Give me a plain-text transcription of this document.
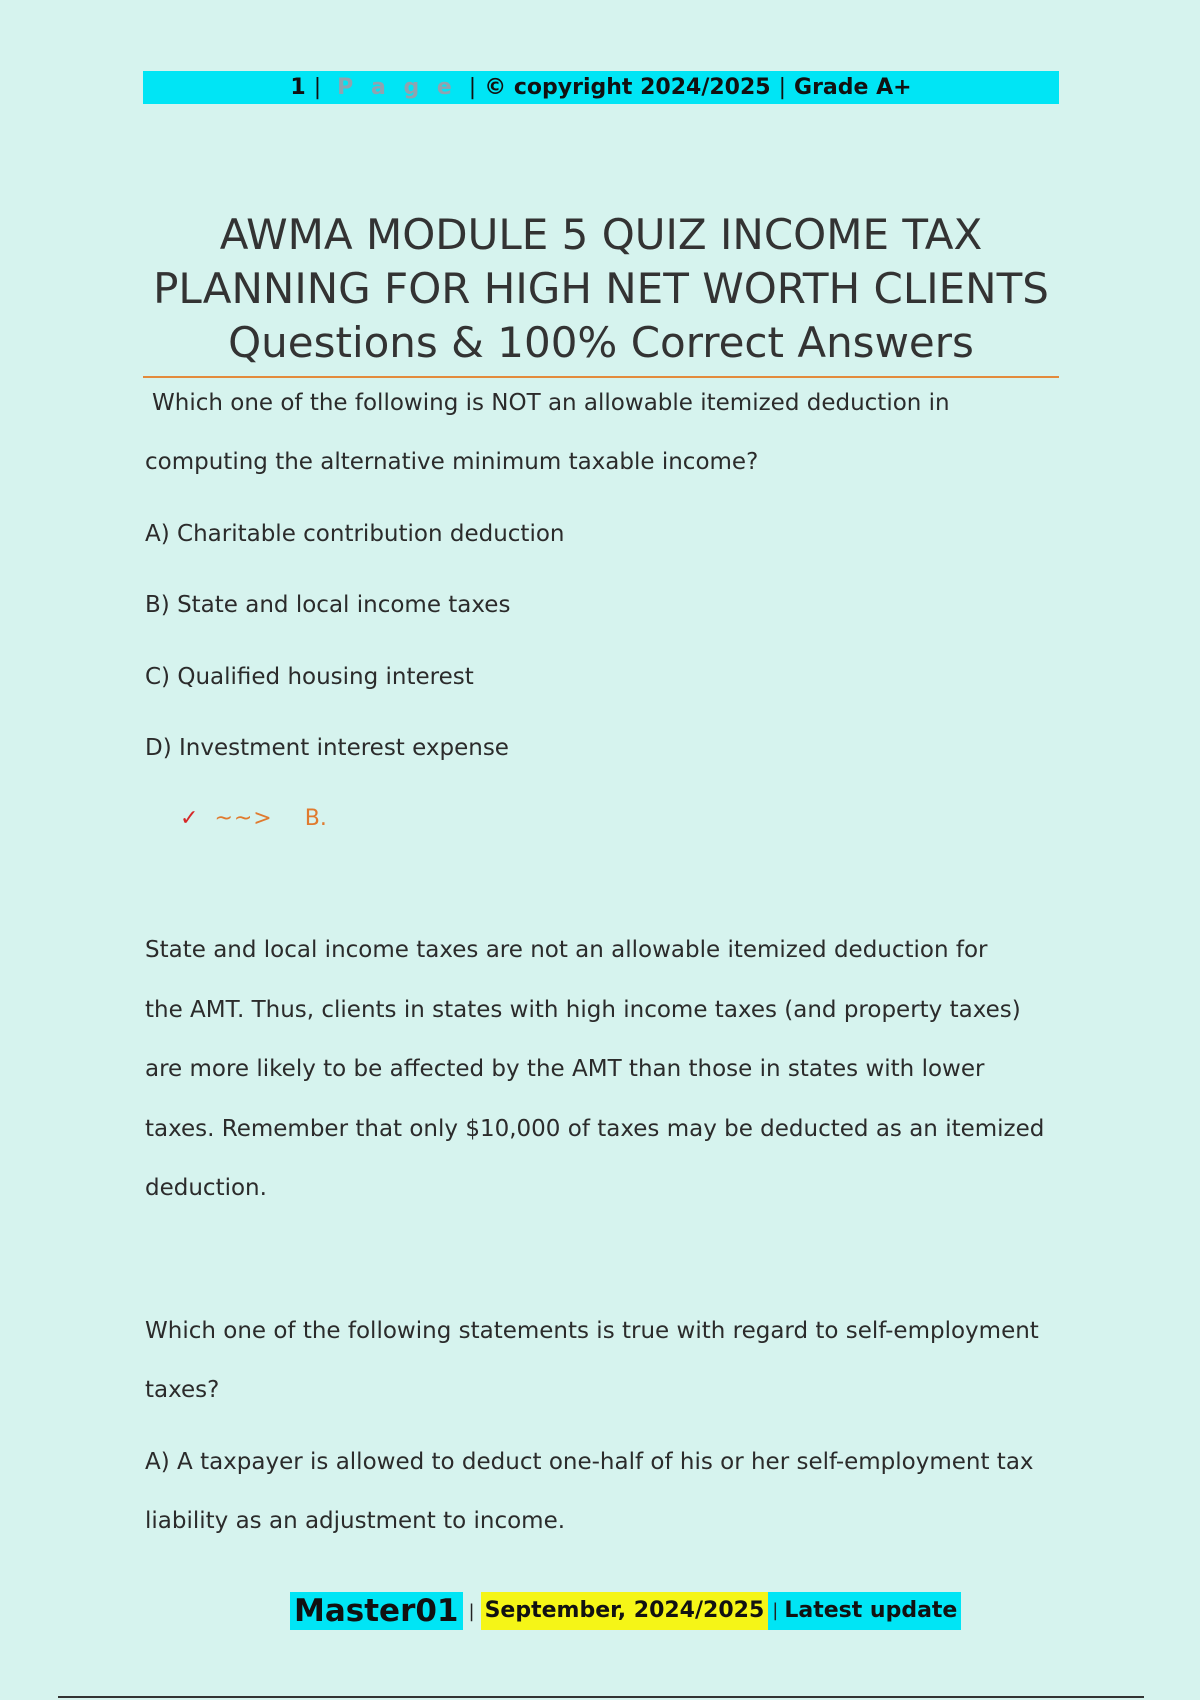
1 | P a g e | © copyright 2024/2025 | Grade A+
AWMA MODULE 5 QUIZ INCOME TAX
PLANNING FOR HIGH NET WORTH CLIENTS
Questions & 100% Correct Answers
Which one of the following is NOT an allowable itemized deduction in
computing the alternative minimum taxable income?
A) Charitable contribution deduction
B) State and local income taxes
C) Qualified housing interest
D) Investment interest expense
✓ ~~> B.
State and local income taxes are not an allowable itemized deduction for
the AMT. Thus, clients in states with high income taxes (and property taxes)
are more likely to be affected by the AMT than those in states with lower
taxes. Remember that only $10,000 of taxes may be deducted as an itemized
deduction.
Which one of the following statements is true with regard to self-employment
taxes?
A) A taxpayer is allowed to deduct one-half of his or her self-employment tax
liability as an adjustment to income.
Master01 | September, 2024/2025 | Latest update
